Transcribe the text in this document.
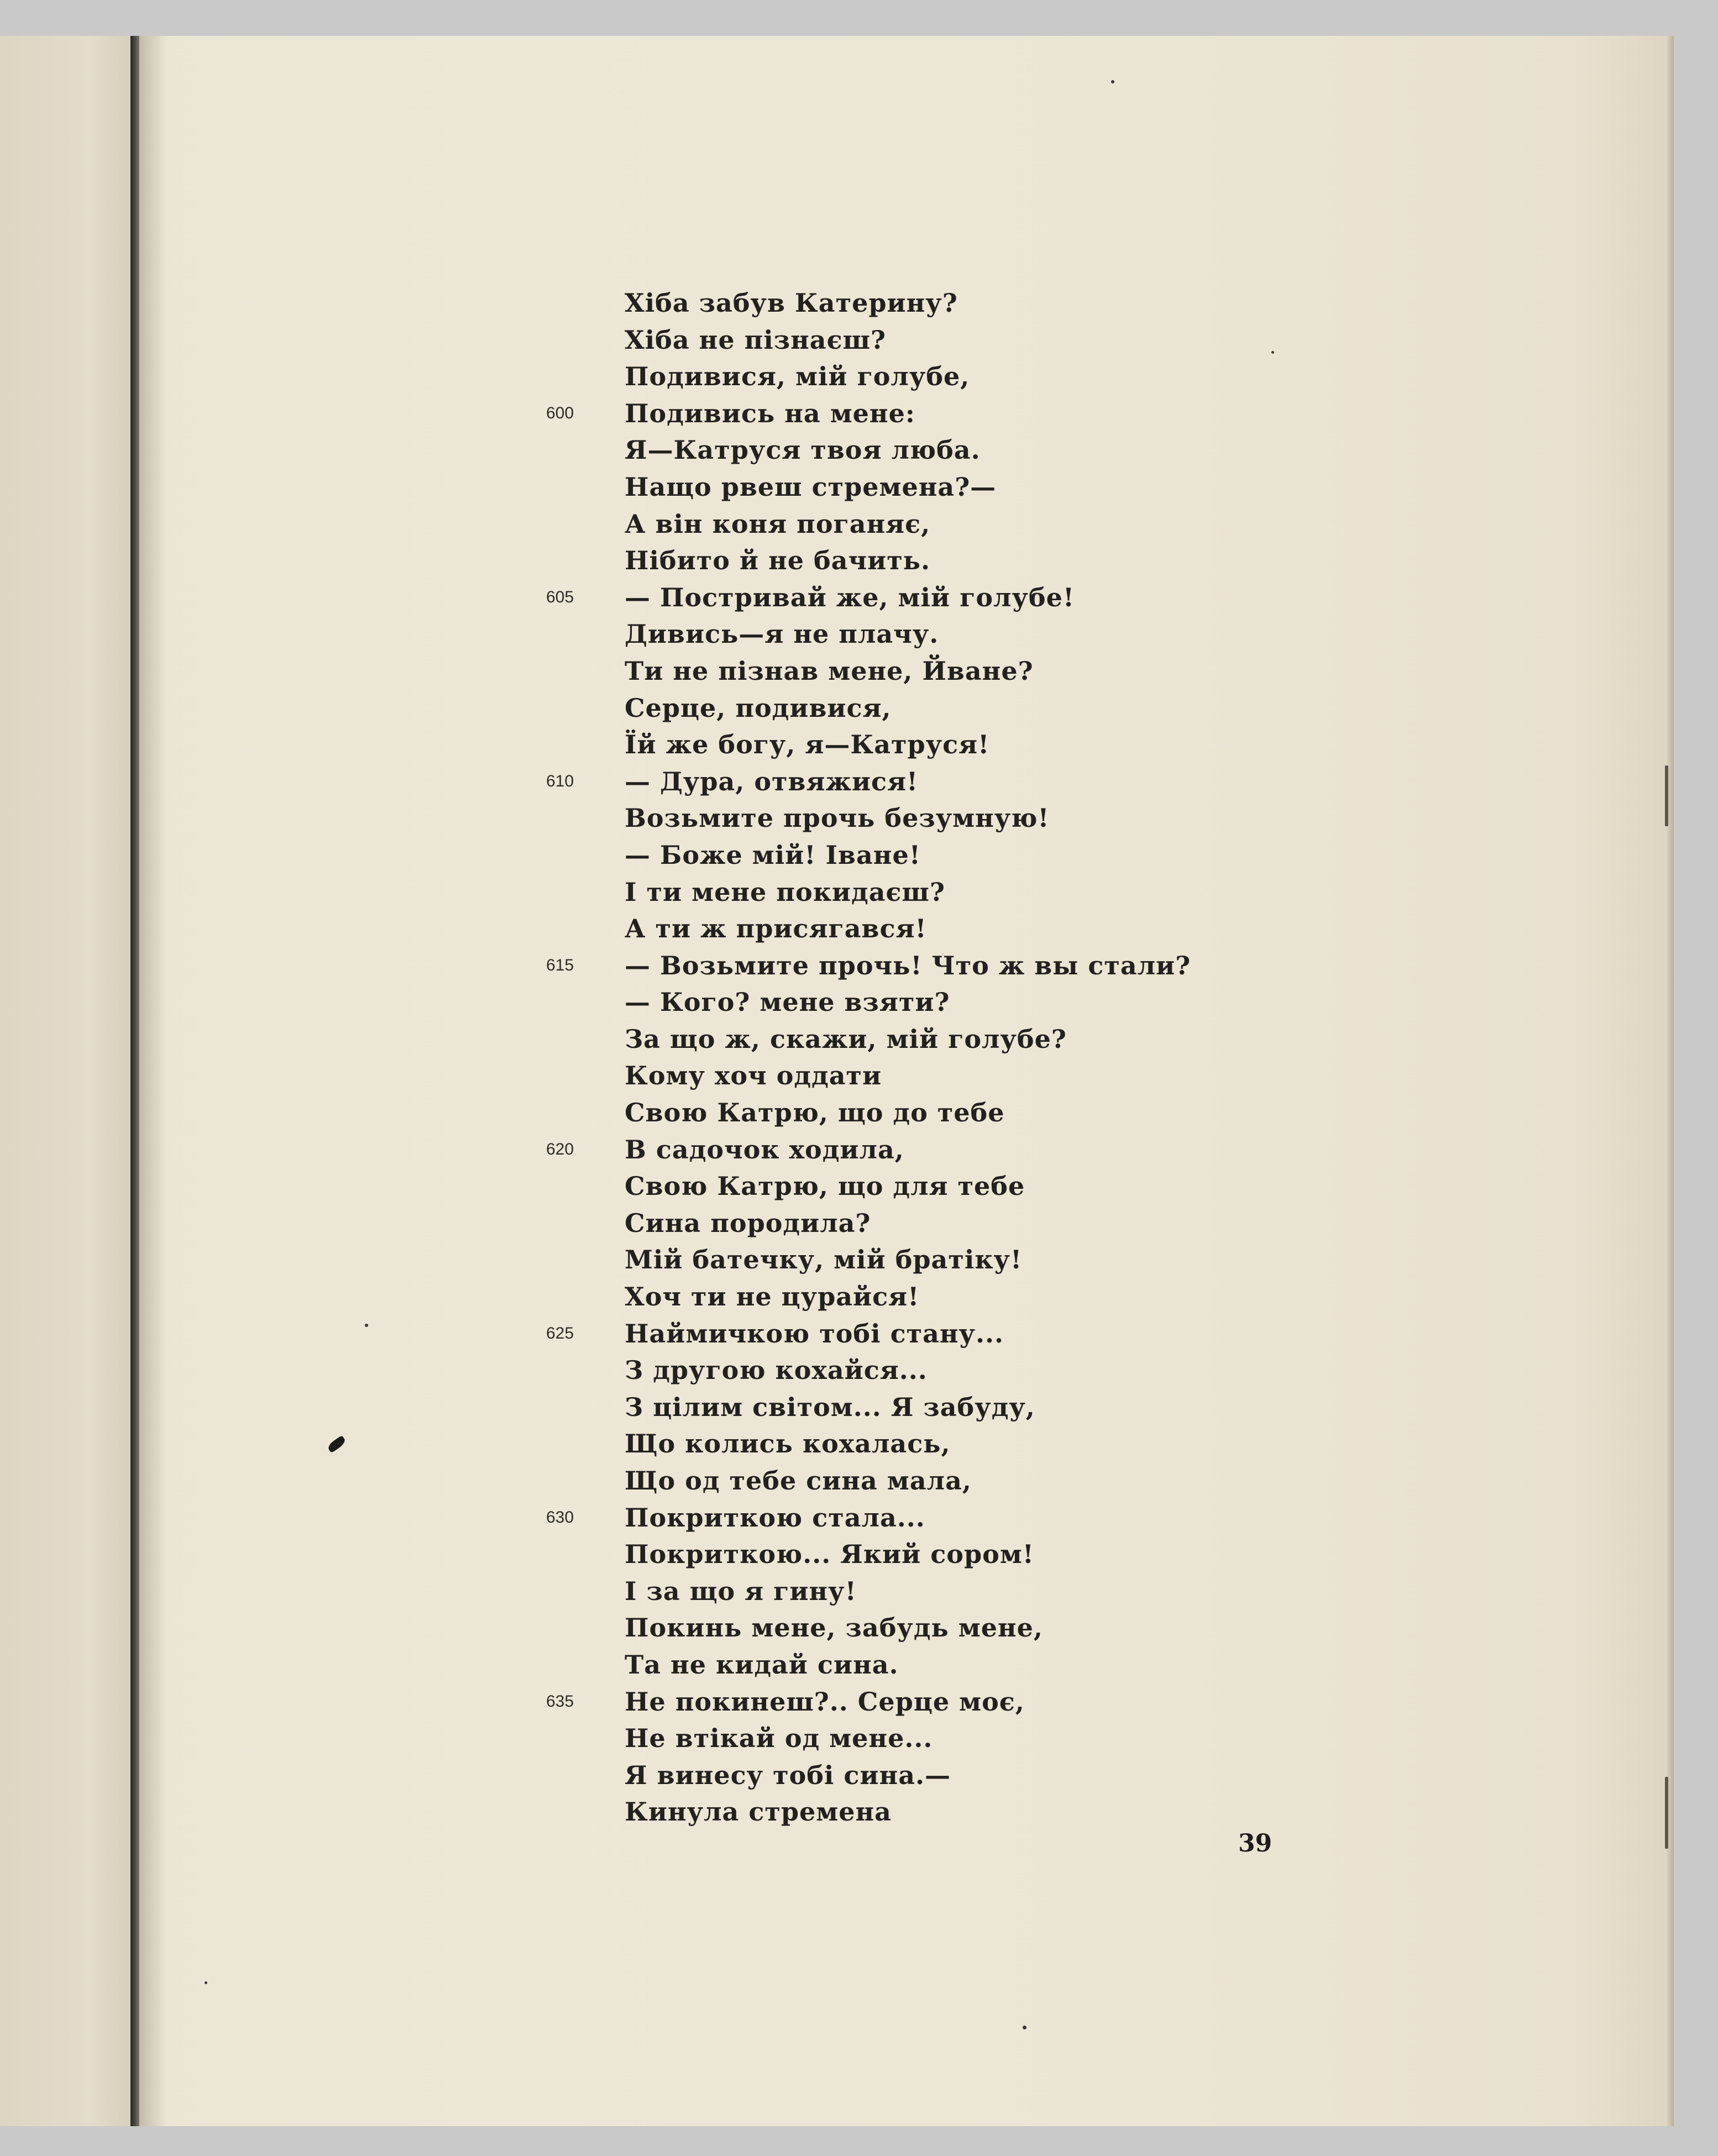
Хіба забув Катерину?
Хіба не пізнаєш?
Подивися, мій голубе,
600	Подивись на мене:
Я—Катруся твоя люба.
Нащо рвеш стремена?—
А він коня поганяє,
Нібито й не бачить.
605	— Постривай же, мій голубе!
Дивись—я не плачу.
Ти не пізнав мене, Йване?
Серце, подивися,
Їй же богу, я—Катруся!
610	— Дура, отвяжися!
Возьмите прочь безумную!
— Боже мій! Іване!
І ти мене покидаєш?
А ти ж присягався!
615	— Возьмите прочь! Что ж вы стали?
— Кого? мене взяти?
За що ж, скажи, мій голубе?
Кому хоч оддати
Свою Катрю, що до тебе
620	В садочок ходила,
Свою Катрю, що для тебе
Сина породила?
Мій батечку, мій братіку!
Хоч ти не цурайся!
625	Наймичкою тобі стану...
З другою кохайся...
З цілим світом... Я забуду,
Що колись кохалась,
Що од тебе сина мала,
630	Покриткою стала...
Покриткою... Який сором!
І за що я гину!
Покинь мене, забудь мене,
Та не кидай сина.
635	Не покинеш?.. Серце моє,
Не втікай од мене...
Я винесу тобі сина.—
Кинула стремена
39
